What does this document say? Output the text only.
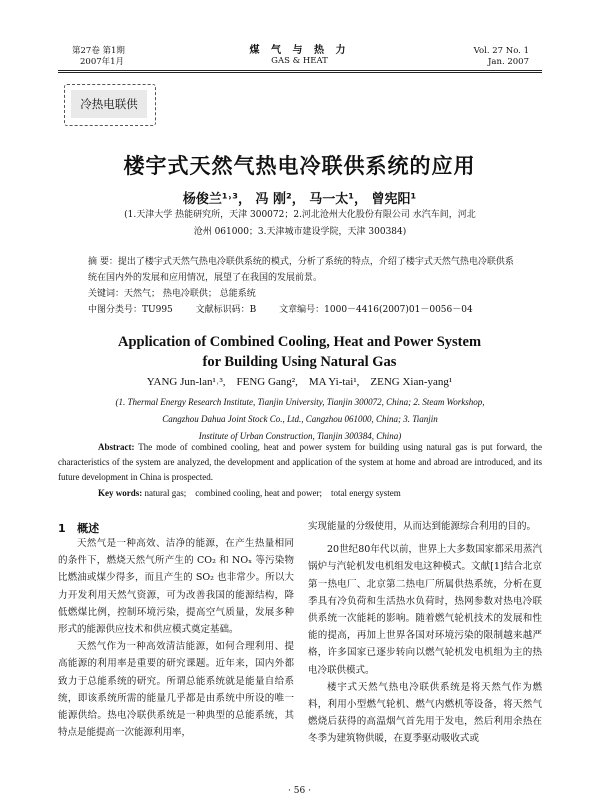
第27卷 第1期
2007年1月
煤 气 与 热 力
GAS & HEAT
Vol. 27 No. 1
Jan. 2007
冷热电联供
楼宇式天然气热电冷联供系统的应用
杨俊兰¹˒³， 冯 刚²， 马一太¹， 曾宪阳¹
(1.天津大学 热能研究所，天津 300072；2.河北沧州大化股份有限公司 水汽车间，河北
沧州 061000；3.天津城市建设学院，天津 300384)
摘 要：提出了楼宇式天然气热电冷联供系统的模式，分析了系统的特点，介绍了楼宇式天然气热电冷联供系统在国内外的发展和应用情况，展望了在我国的发展前景。
关键词：天然气； 热电冷联供； 总能系统
中图分类号：TU995        文献标识码：B        文章编号：1000－4416(2007)01－0056－04
Application of Combined Cooling, Heat and Power System
for Building Using Natural Gas
YANG Jun-lan¹˒³,    FENG Gang²,    MA Yi-tai¹,    ZENG Xian-yang¹
(1. Thermal Energy Research Institute, Tianjin University, Tianjin 300072, China; 2. Steam Workshop,
Cangzhou Dahua Joint Stock Co., Ltd., Cangzhou 061000, China; 3. Tianjin
Institute of Urban Construction, Tianjin 300384, China)
Abstract: The mode of combined cooling, heat and power system for building using natural gas is put forward, the characteristics of the system are analyzed, the development and application of the system at home and abroad are introduced, and its future development in China is prospected.
Key words: natural gas;    combined cooling, heat and power;    total energy system
1   概述

天然气是一种高效、洁净的能源，在产生热量相同的条件下，燃烧天然气所产生的 CO₂ 和 NOₓ 等污染物比燃油或煤少得多，而且产生的 SO₂ 也非常少。所以大力开发利用天然气资源，可为改善我国的能源结构，降低燃煤比例，控制环境污染，提高空气质量，发展多种形式的能源供应技术和供应模式奠定基础。

天然气作为一种高效清洁能源，如何合理利用、提高能源的利用率是重要的研究课题。近年来，国内外都致力于总能系统的研究。所谓总能系统就是能量自给系统，即该系统所需的能量几乎都是由系统中所设的唯一能源供给。热电冷联供系统是一种典型的总能系统，其特点是能提高一次能源利用率，

实现能量的分级使用，从而达到能源综合利用的目的。

20世纪80年代以前，世界上大多数国家都采用蒸汽锅炉与汽轮机发电机组发电这种模式。文献[1]结合北京第一热电厂、北京第二热电厂所属供热系统，分析在夏季具有冷负荷和生活热水负荷时，热网参数对热电冷联供系统一次能耗的影响。随着燃气轮机技术的发展和性能的提高，再加上世界各国对环境污染的限制越来越严格，许多国家已逐步转向以燃气轮机发电机组为主的热电冷联供模式。

楼宇式天然气热电冷联供系统是将天然气作为燃料，利用小型燃气轮机、燃气内燃机等设备，将天然气燃烧后获得的高温烟气首先用于发电，然后利用余热在冬季为建筑物供暖，在夏季驱动吸收式或

· 56 ·
